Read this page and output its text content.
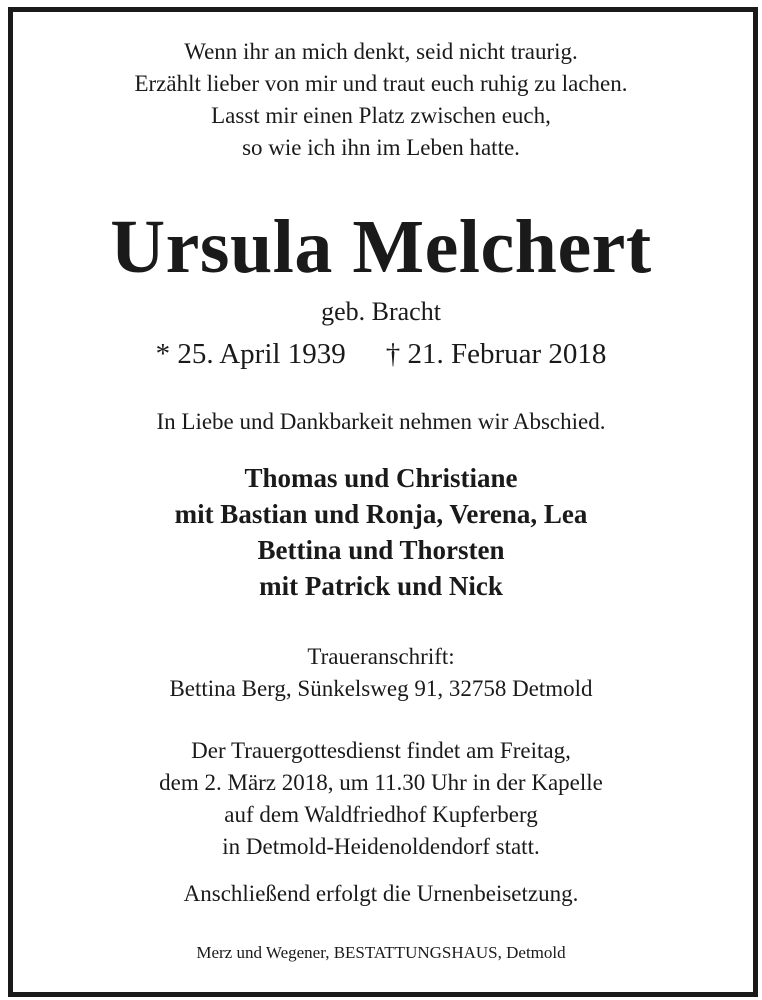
Wenn ihr an mich denkt, seid nicht traurig.
Erzählt lieber von mir und traut euch ruhig zu lachen.
Lasst mir einen Platz zwischen euch,
so wie ich ihn im Leben hatte.
Ursula Melchert
geb. Bracht
* 25. April 1939 † 21. Februar 2018
In Liebe und Dankbarkeit nehmen wir Abschied.
Thomas und Christiane
mit Bastian und Ronja, Verena, Lea
Bettina und Thorsten
mit Patrick und Nick
Traueranschrift:
Bettina Berg, Sünkelsweg 91, 32758 Detmold
Der Trauergottesdienst findet am Freitag,
dem 2. März 2018, um 11.30 Uhr in der Kapelle
auf dem Waldfriedhof Kupferberg
in Detmold-Heidenoldendorf statt.
Anschließend erfolgt die Urnenbeisetzung.
Merz und Wegener, BESTATTUNGSHAUS, Detmold
